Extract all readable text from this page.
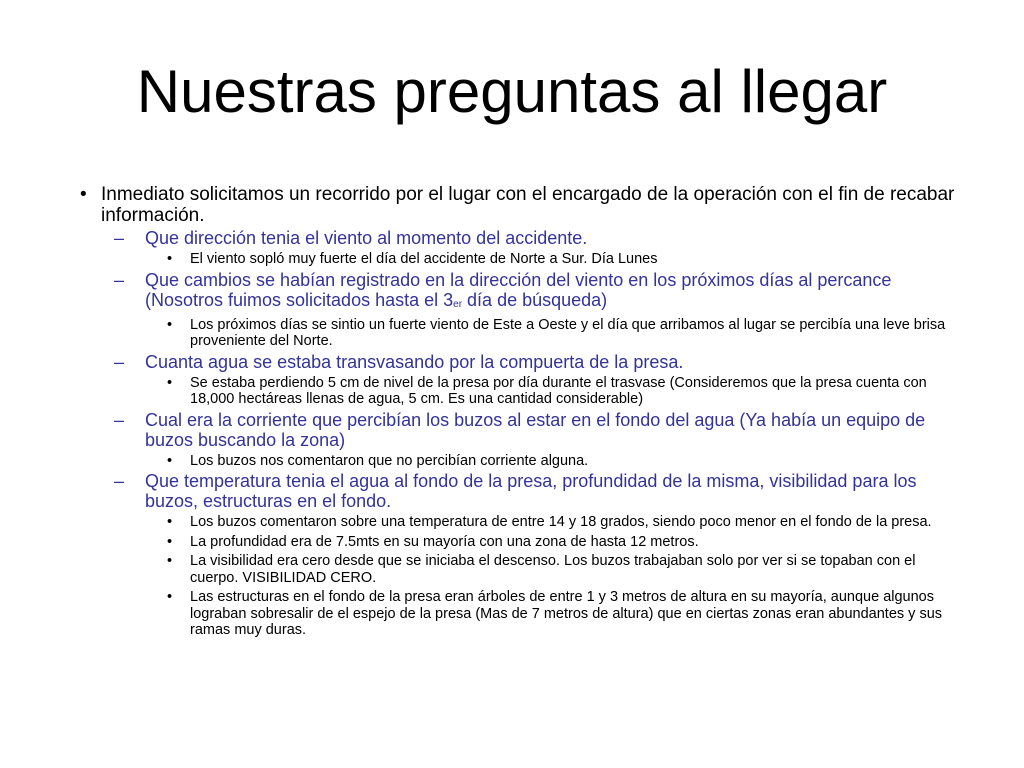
Nuestras preguntas al llegar
• Inmediato solicitamos un recorrido por el lugar con el encargado de la operación con el fin de recabar información.
– Que dirección tenia el viento al momento del accidente.
• El viento sopló muy fuerte el día del accidente de Norte a Sur. Día Lunes
– Que cambios se habían registrado en la dirección del viento en los próximos días al percance (Nosotros fuimos solicitados hasta el $3_{er}$ día de búsqueda)
• Los próximos días se sintio un fuerte viento de Este a Oeste y el día que arribamos al lugar se percibía una leve brisa proveniente del Norte.
– Cuanta agua se estaba transvasando por la compuerta de la presa.
• Se estaba perdiendo 5 cm de nivel de la presa por día durante el trasvase (Consideremos que la presa cuenta con 18,000 hectáreas llenas de agua, 5 cm. Es una cantidad considerable)
– Cual era la corriente que percibían los buzos al estar en el fondo del agua (Ya había un equipo de buzos buscando la zona)
• Los buzos nos comentaron que no percibían corriente alguna.
– Que temperatura tenia el agua al fondo de la presa, profundidad de la misma, visibilidad para los buzos, estructuras en el fondo.
• Los buzos comentaron sobre una temperatura de entre 14 y 18 grados, siendo poco menor en el fondo de la presa.
• La profundidad era de 7.5mts en su mayoría con una zona de hasta 12 metros.
• La visibilidad era cero desde que se iniciaba el descenso. Los buzos trabajaban solo por ver si se topaban con el cuerpo. VISIBILIDAD CERO.
• Las estructuras en el fondo de la presa eran árboles de entre 1 y 3 metros de altura en su mayoría, aunque algunos lograban sobresalir de el espejo de la presa (Mas de 7 metros de altura) que en ciertas zonas eran abundantes y sus ramas muy duras.
